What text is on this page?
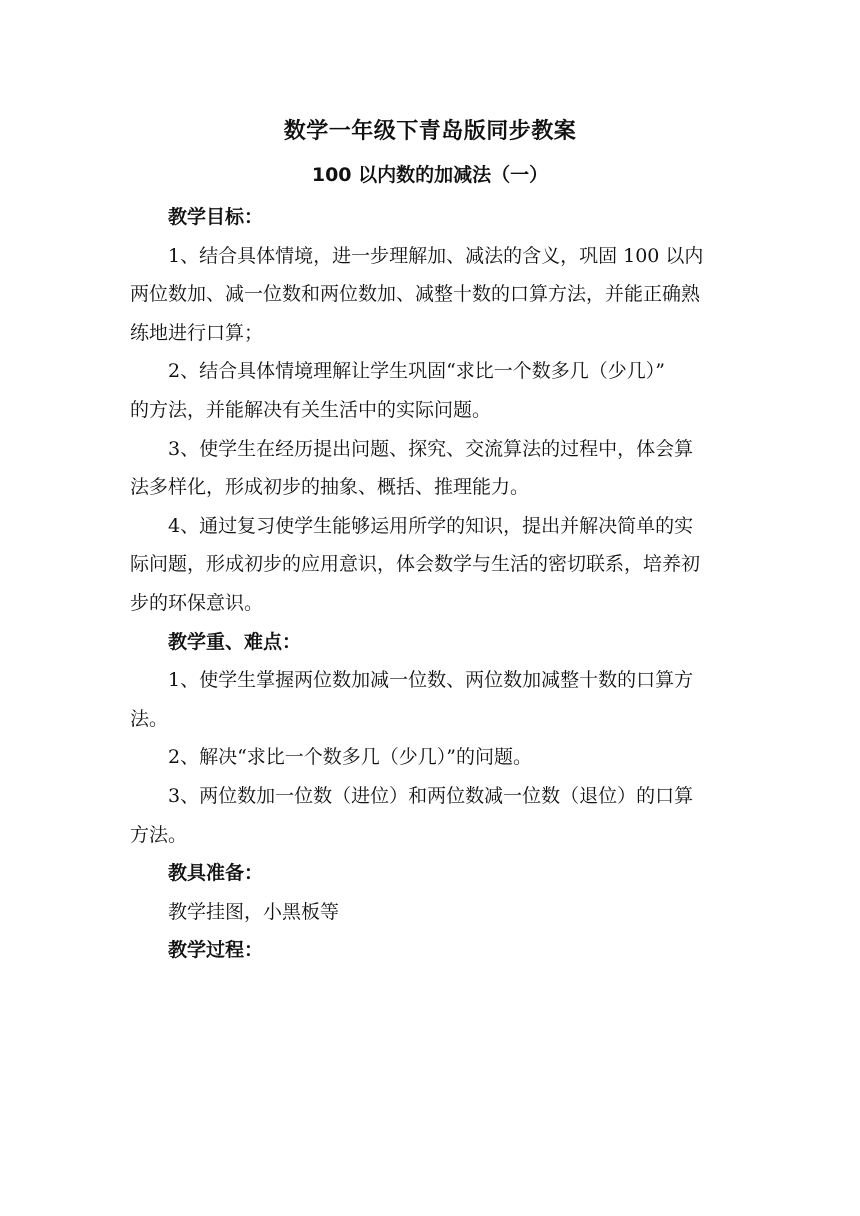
数学一年级下青岛版同步教案
100 以内数的加减法（一）
教学目标：
1、结合具体情境，进一步理解加、减法的含义，巩固 100 以内
两位数加、减一位数和两位数加、减整十数的口算方法，并能正确熟
练地进行口算；
2、结合具体情境理解让学生巩固“求比一个数多几（少几）”
的方法，并能解决有关生活中的实际问题。
3、使学生在经历提出问题、探究、交流算法的过程中，体会算
法多样化，形成初步的抽象、概括、推理能力。
4、通过复习使学生能够运用所学的知识，提出并解决简单的实
际问题，形成初步的应用意识，体会数学与生活的密切联系，培养初
步的环保意识。
教学重、难点：
1、使学生掌握两位数加减一位数、两位数加减整十数的口算方
法。
2、解决“求比一个数多几（少几）”的问题。
3、两位数加一位数（进位）和两位数减一位数（退位）的口算
方法。
教具准备：
教学挂图，小黑板等
教学过程：
